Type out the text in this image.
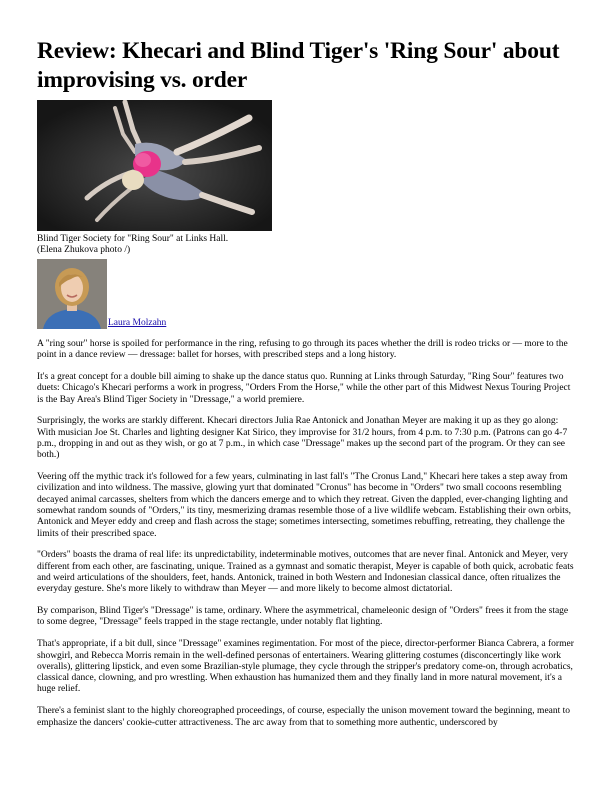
Review: Khecari and Blind Tiger's 'Ring Sour' about improvising vs. order
Blind Tiger Society for "Ring Sour" at Links Hall.
(Elena Zhukova photo /)
Laura Molzahn

A "ring sour" horse is spoiled for performance in the ring, refusing to go through its paces whether the drill is rodeo tricks or — more to the point in a dance review — dressage: ballet for horses, with prescribed steps and a long history.

It's a great concept for a double bill aiming to shake up the dance status quo. Running at Links through Saturday, "Ring Sour" features two duets: Chicago's Khecari performs a work in progress, "Orders From the Horse," while the other part of this Midwest Nexus Touring Project is the Bay Area's Blind Tiger Society in "Dressage," a world premiere.

Surprisingly, the works are starkly different. Khecari directors Julia Rae Antonick and Jonathan Meyer are making it up as they go along: With musician Joe St. Charles and lighting designer Kat Sirico, they improvise for 31/2 hours, from 4 p.m. to 7:30 p.m. (Patrons can go 4-7 p.m., dropping in and out as they wish, or go at 7 p.m., in which case "Dressage" makes up the second part of the program. Or they can see both.)

Veering off the mythic track it's followed for a few years, culminating in last fall's "The Cronus Land," Khecari here takes a step away from civilization and into wildness. The massive, glowing yurt that dominated "Cronus" has become in "Orders" two small cocoons resembling decayed animal carcasses, shelters from which the dancers emerge and to which they retreat. Given the dappled, ever-changing lighting and somewhat random sounds of "Orders," its tiny, mesmerizing dramas resemble those of a live wildlife webcam. Establishing their own orbits, Antonick and Meyer eddy and creep and flash across the stage; sometimes intersecting, sometimes rebuffing, retreating, they challenge the limits of their prescribed space.

"Orders" boasts the drama of real life: its unpredictability, indeterminable motives, outcomes that are never final. Antonick and Meyer, very different from each other, are fascinating, unique. Trained as a gymnast and somatic therapist, Meyer is capable of both quick, acrobatic feats and weird articulations of the shoulders, feet, hands. Antonick, trained in both Western and Indonesian classical dance, often ritualizes the everyday gesture. She's more likely to withdraw than Meyer — and more likely to become almost dictatorial.

By comparison, Blind Tiger's "Dressage" is tame, ordinary. Where the asymmetrical, chameleonic design of "Orders" frees it from the stage to some degree, "Dressage" feels trapped in the stage rectangle, under notably flat lighting.

That's appropriate, if a bit dull, since "Dressage" examines regimentation. For most of the piece, director-performer Bianca Cabrera, a former showgirl, and Rebecca Morris remain in the well-defined personas of entertainers. Wearing glittering costumes (disconcertingly like work overalls), glittering lipstick, and even some Brazilian-style plumage, they cycle through the stripper's predatory come-on, through acrobatics, classical dance, clowning, and pro wrestling. When exhaustion has humanized them and they finally land in more natural movement, it's a huge relief.

There's a feminist slant to the highly choreographed proceedings, of course, especially the unison movement toward the beginning, meant to emphasize the dancers' cookie-cutter attractiveness. The arc away from that to something more authentic, underscored by
